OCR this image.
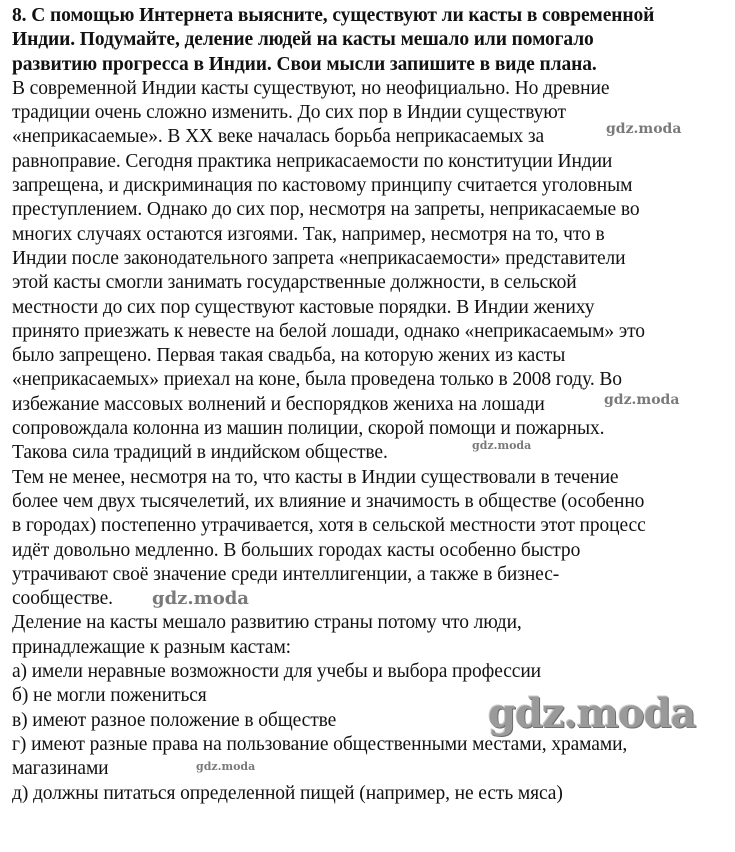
8. С помощью Интернета выясните, существуют ли касты в современной
Индии. Подумайте, деление людей на касты мешало или помогало
развитию прогресса в Индии. Свои мысли запишите в виде плана.
В современной Индии касты существуют, но неофициально. Но древние
традиции очень сложно изменить. До сих пор в Индии существуют
«неприкасаемые». В XX веке началась борьба неприкасаемых за
равноправие. Сегодня практика неприкасаемости по конституции Индии
запрещена, и дискриминация по кастовому принципу считается уголовным
преступлением. Однако до сих пор, несмотря на запреты, неприкасаемые во
многих случаях остаются изгоями. Так, например, несмотря на то, что в
Индии после законодательного запрета «неприкасаемости» представители
этой касты смогли занимать государственные должности, в сельской
местности до сих пор существуют кастовые порядки. В Индии жениху
принято приезжать к невесте на белой лошади, однако «неприкасаемым» это
было запрещено. Первая такая свадьба, на которую жених из касты
«неприкасаемых» приехал на коне, была проведена только в 2008 году. Во
избежание массовых волнений и беспорядков жениха на лошади
сопровождала колонна из машин полиции, скорой помощи и пожарных.
Такова сила традиций в индийском обществе.
Тем не менее, несмотря на то, что касты в Индии существовали в течение
более чем двух тысячелетий, их влияние и значимость в обществе (особенно
в городах) постепенно утрачивается, хотя в сельской местности этот процесс
идёт довольно медленно. В больших городах касты особенно быстро
утрачивают своё значение среди интеллигенции, а также в бизнес-
сообществе.
Деление на касты мешало развитию страны потому что люди,
принадлежащие к разным кастам:
а) имели неравные возможности для учебы и выбора профессии
б) не могли пожениться
в) имеют разное положение в обществе
г) имеют разные права на пользование общественными местами, храмами,
магазинами
д) должны питаться определенной пищей (например, не есть мяса)
gdz.moda
gdz.moda
gdz.moda
gdz.moda
gdz.moda
gdz.moda
